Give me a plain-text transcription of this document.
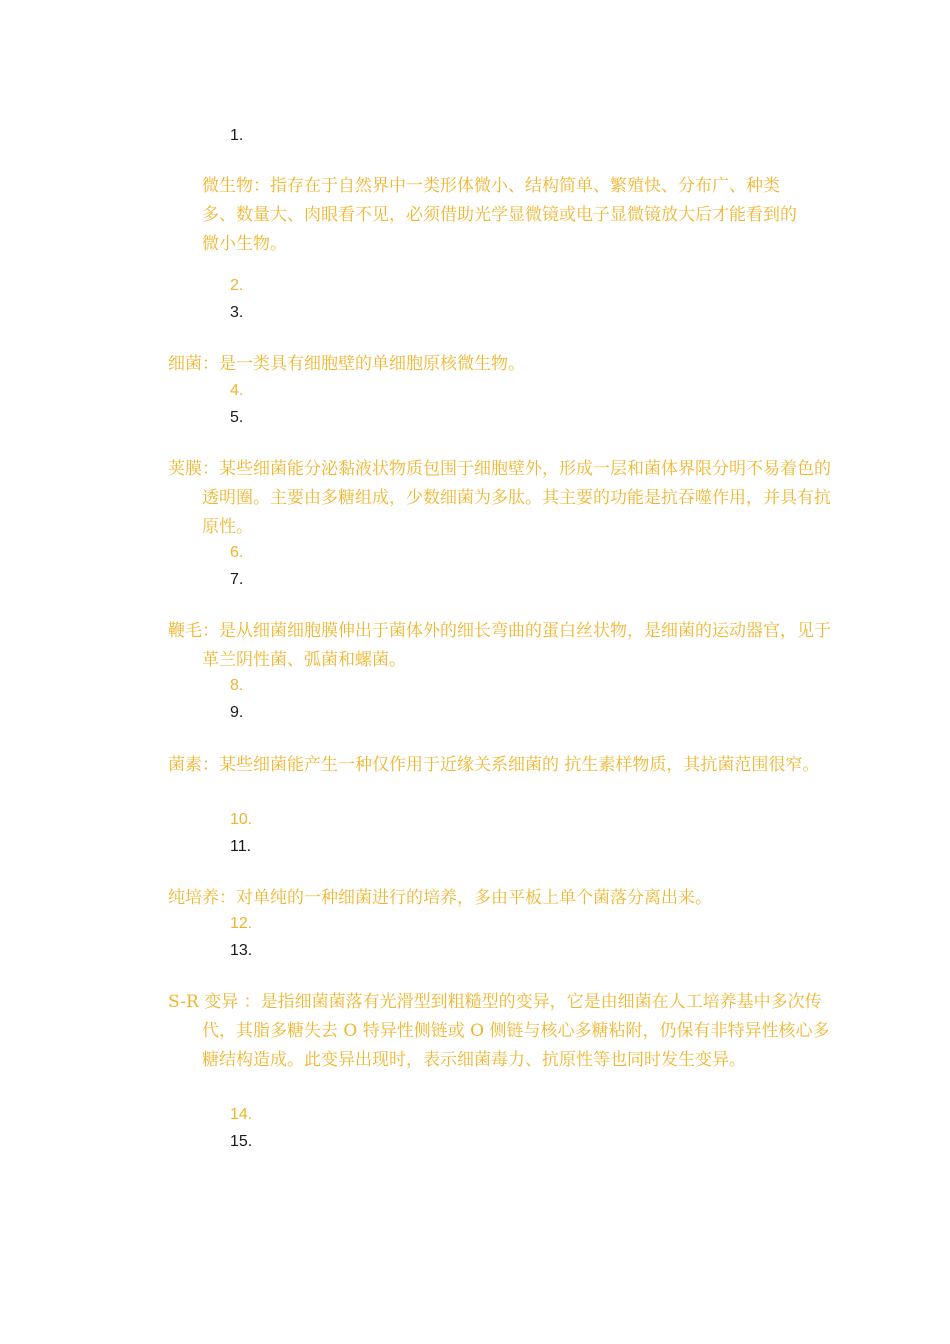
1.
微生物：指存在于自然界中一类形体微小、结构简单、繁殖快、分布广、种类多、数量大、肉眼看不见，必须借助光学显微镜或电子显微镜放大后才能看到的微小生物。
2.
3.
细菌：是一类具有细胞壁的单细胞原核微生物。
4.
5.
荚膜：某些细菌能分泌黏液状物质包围于细胞壁外，形成一层和菌体界限分明不易着色的透明圈。主要由多糖组成，少数细菌为多肽。其主要的功能是抗吞噬作用，并具有抗原性。
6.
7.
鞭毛：是从细菌细胞膜伸出于菌体外的细长弯曲的蛋白丝状物，是细菌的运动器官，见于革兰阴性菌、弧菌和螺菌。
8.
9.
菌素：某些细菌能产生一种仅作用于近缘关系细菌的 抗生素样物质，其抗菌范围很窄。
10.
11.
纯培养：对单纯的一种细菌进行的培养，多由平板上单个菌落分离出来。
12.
13.
S-R 变异 ：是指细菌菌落有光滑型到粗糙型的变异，它是由细菌在人工培养基中多次传代，其脂多糖失去 O 特异性侧链或 O 侧链与核心多糖粘附，仍保有非特异性核心多糖结构造成。此变异出现时，表示细菌毒力、抗原性等也同时发生变异。
14.
15.
